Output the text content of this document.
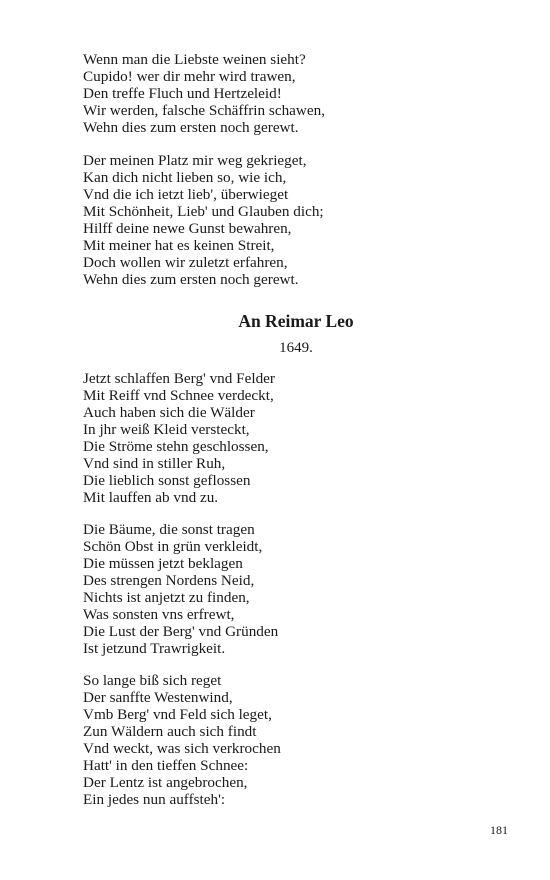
Wenn man die Liebste weinen sieht?
Cupido! wer dir mehr wird trawen,
Den treffe Fluch und Hertzeleid!
Wir werden, falsche Schäffrin schawen,
Wehn dies zum ersten noch gerewt.
Der meinen Platz mir weg gekrieget,
Kan dich nicht lieben so, wie ich,
Vnd die ich ietzt lieb', überwieget
Mit Schönheit, Lieb' und Glauben dich;
Hilff deine newe Gunst bewahren,
Mit meiner hat es keinen Streit,
Doch wollen wir zuletzt erfahren,
Wehn dies zum ersten noch gerewt.
An Reimar Leo
1649.
Jetzt schlaffen Berg' vnd Felder
Mit Reiff vnd Schnee verdeckt,
Auch haben sich die Wälder
In jhr weiß Kleid versteckt,
Die Ströme stehn geschlossen,
Vnd sind in stiller Ruh,
Die lieblich sonst geflossen
Mit lauffen ab vnd zu.
Die Bäume, die sonst tragen
Schön Obst in grün verkleidt,
Die müssen jetzt beklagen
Des strengen Nordens Neid,
Nichts ist anjetzt zu finden,
Was sonsten vns erfrewt,
Die Lust der Berg' vnd Gründen
Ist jetzund Trawrigkeit.
So lange biß sich reget
Der sanffte Westenwind,
Vmb Berg' vnd Feld sich leget,
Zun Wäldern auch sich findt
Vnd weckt, was sich verkrochen
Hatt' in den tieffen Schnee:
Der Lentz ist angebrochen,
Ein jedes nun auffsteh':
181
